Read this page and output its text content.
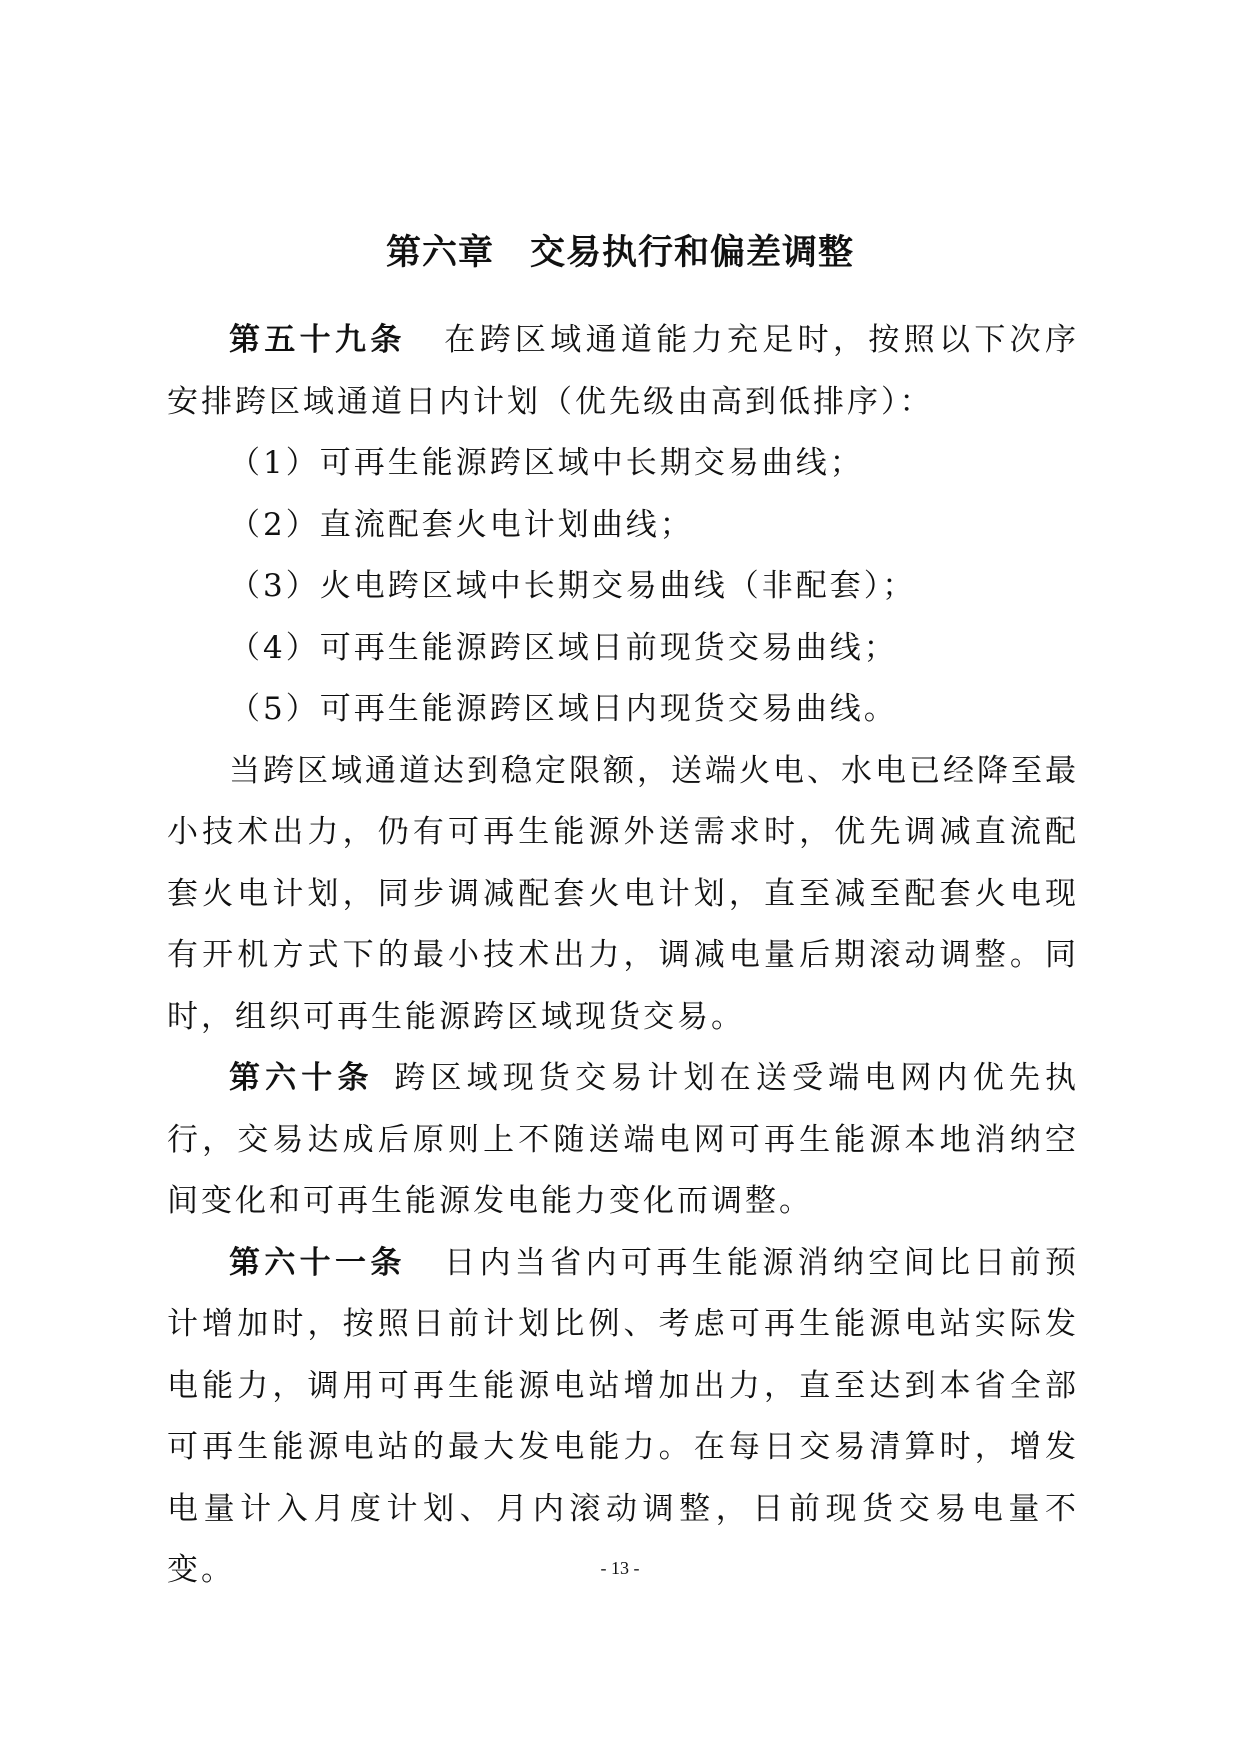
第六章　交易执行和偏差调整

第五十九条 在跨区域通道能力充足时，按照以下次序安排跨区域通道日内计划（优先级由高到低排序）：

（1）可再生能源跨区域中长期交易曲线；

（2）直流配套火电计划曲线；

（3）火电跨区域中长期交易曲线（非配套）；

（4）可再生能源跨区域日前现货交易曲线；

（5）可再生能源跨区域日内现货交易曲线。

当跨区域通道达到稳定限额，送端火电、水电已经降至最小技术出力，仍有可再生能源外送需求时，优先调减直流配套火电计划，同步调减配套火电计划，直至减至配套火电现有开机方式下的最小技术出力，调减电量后期滚动调整。同时，组织可再生能源跨区域现货交易。

第六十条 跨区域现货交易计划在送受端电网内优先执行，交易达成后原则上不随送端电网可再生能源本地消纳空间变化和可再生能源发电能力变化而调整。

第六十一条 日内当省内可再生能源消纳空间比日前预计增加时，按照日前计划比例、考虑可再生能源电站实际发电能力，调用可再生能源电站增加出力，直至达到本省全部可再生能源电站的最大发电能力。在每日交易清算时，增发电量计入月度计划、月内滚动调整，日前现货交易电量不变。	- 13 -
